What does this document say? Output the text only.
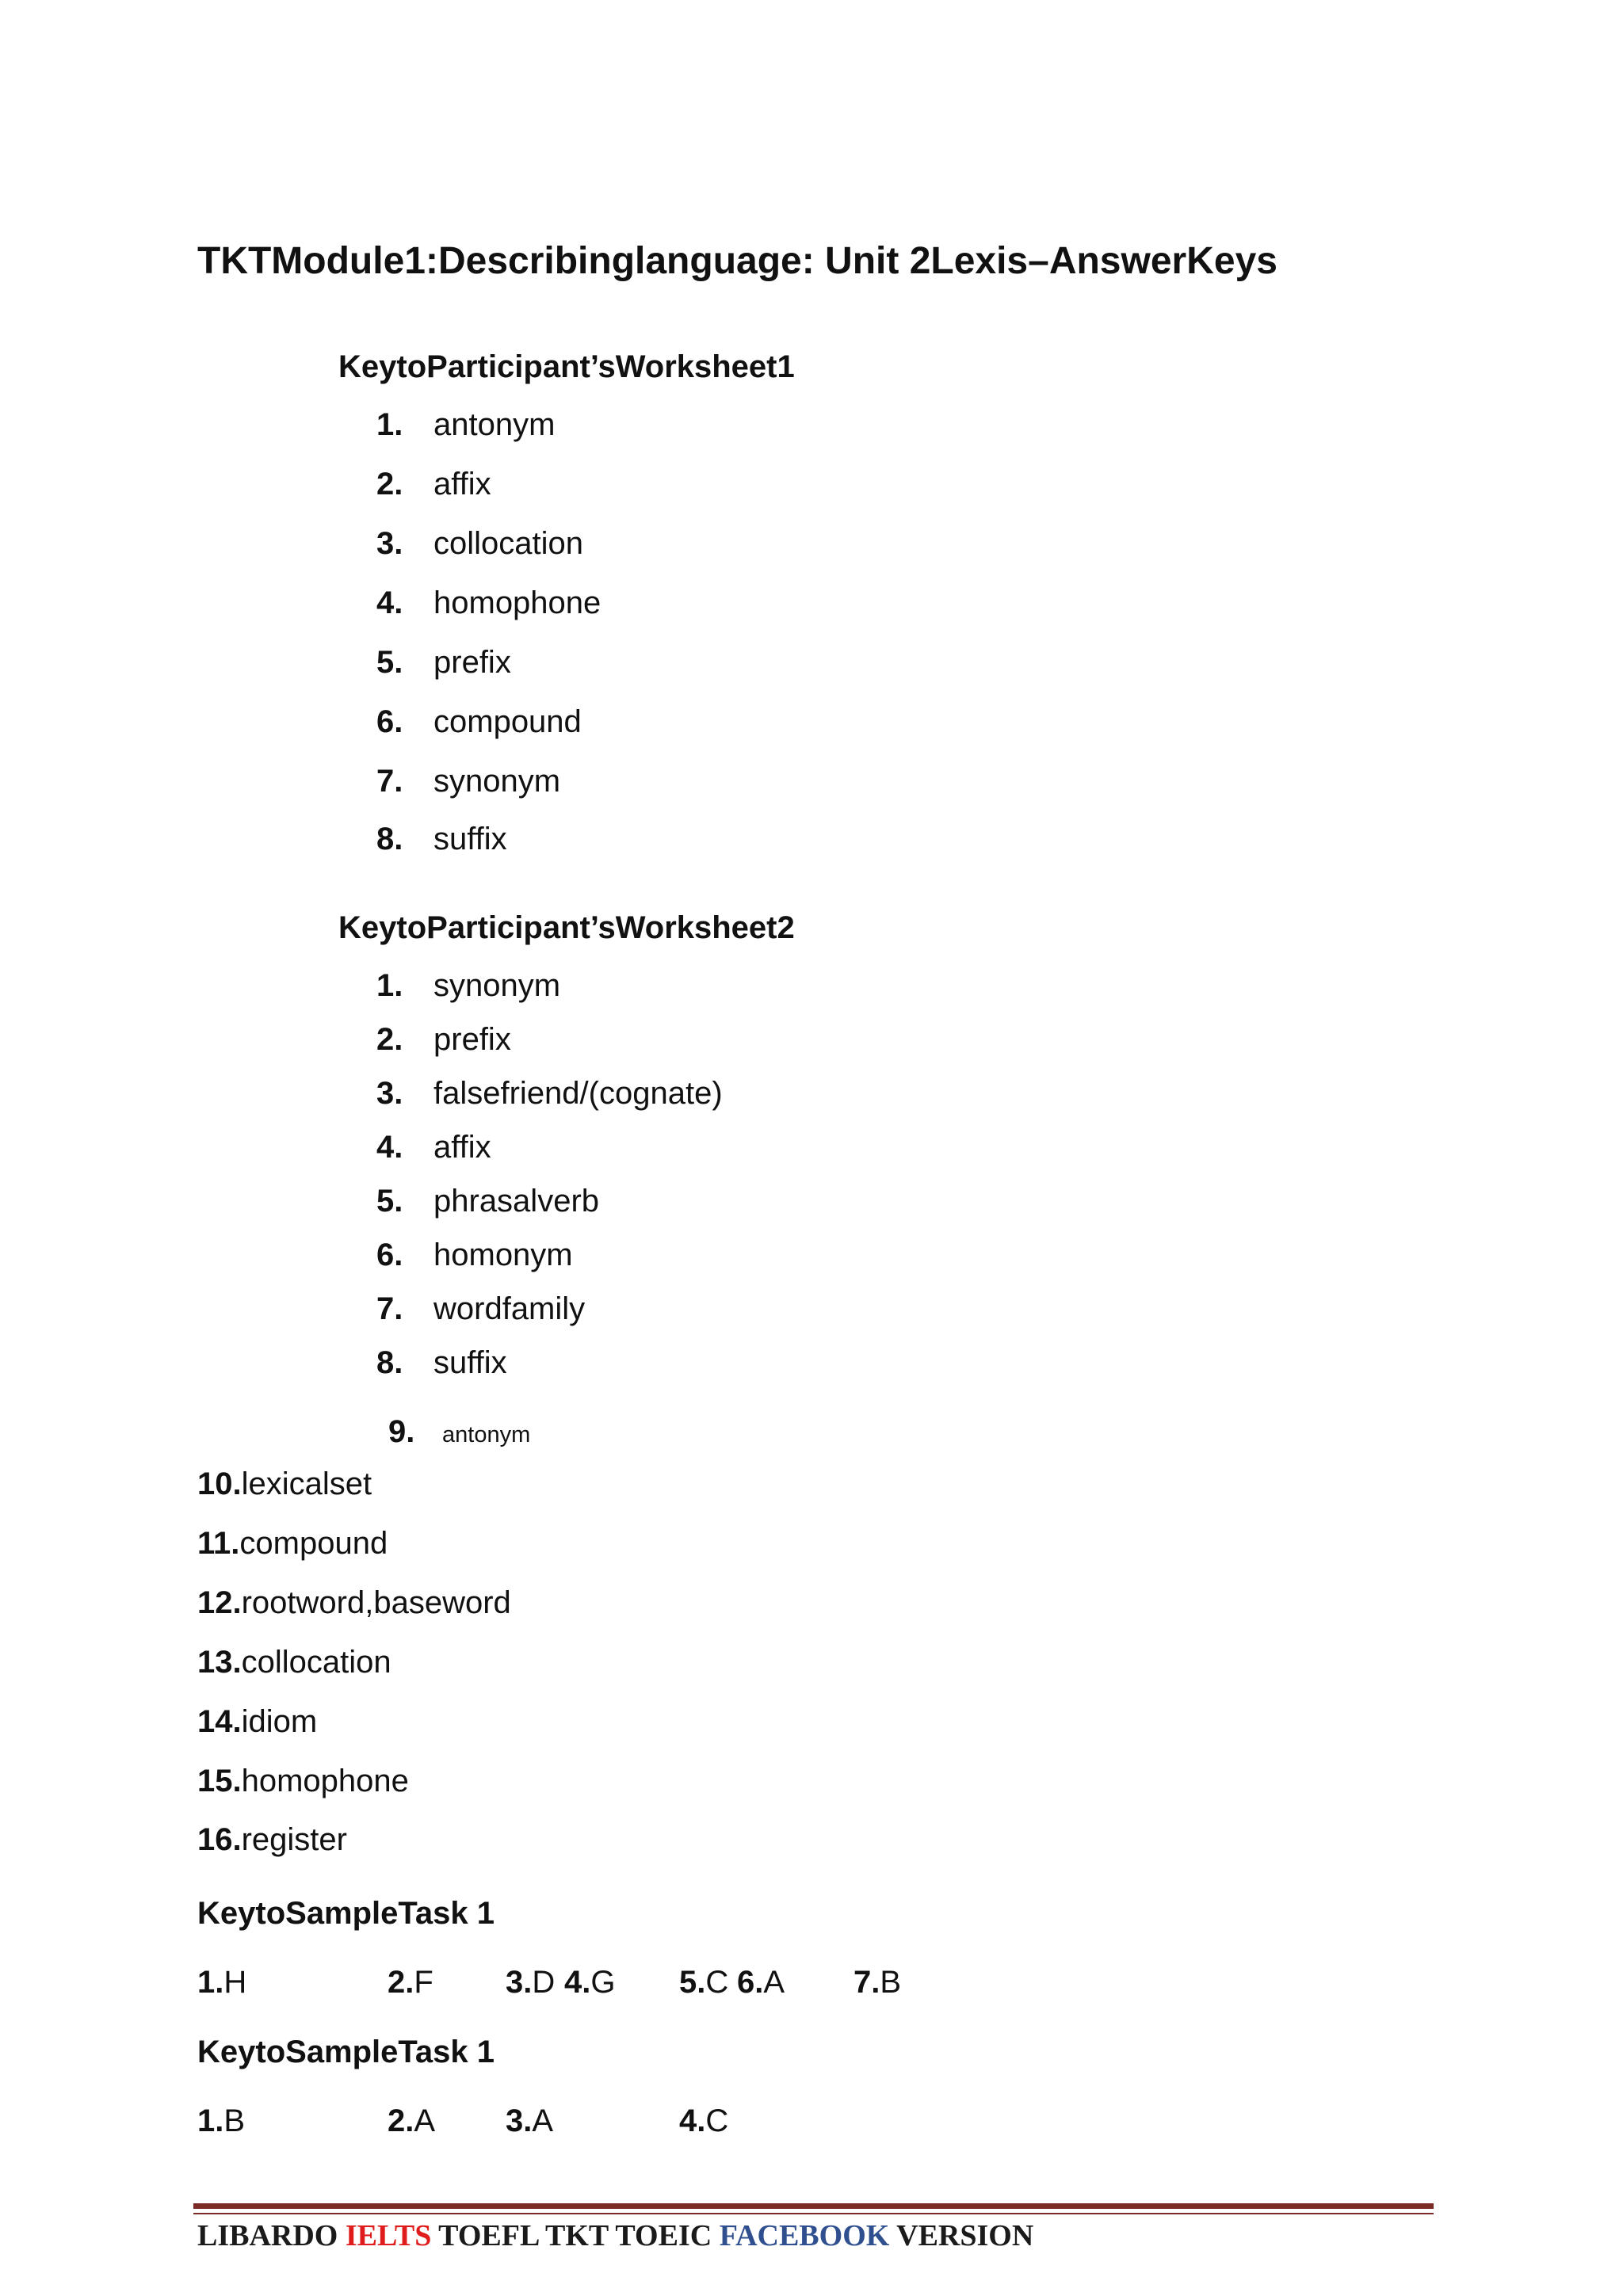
TKTModule1:Describinglanguage: Unit 2Lexis–AnswerKeys
KeytoParticipant’sWorksheet1
1. antonym
2. affix
3. collocation
4. homophone
5. prefix
6. compound
7. synonym
8. suffix
KeytoParticipant’sWorksheet2
1. synonym
2. prefix
3. falsefriend/(cognate)
4. affix
5. phrasalverb
6. homonym
7. wordfamily
8. suffix
9. antonym
10.lexicalset
11.compound
12.rootword,baseword
13.collocation
14.idiom
15.homophone
16.register
KeytoSampleTask 1
1.H	2.F 3.D 4.G 5.C 6.A 7.B
KeytoSampleTask 1
1.B	2.A 3.A	4.C
LIBARDO IELTS TOEFL TKT TOEIC FACEBOOK VERSION
